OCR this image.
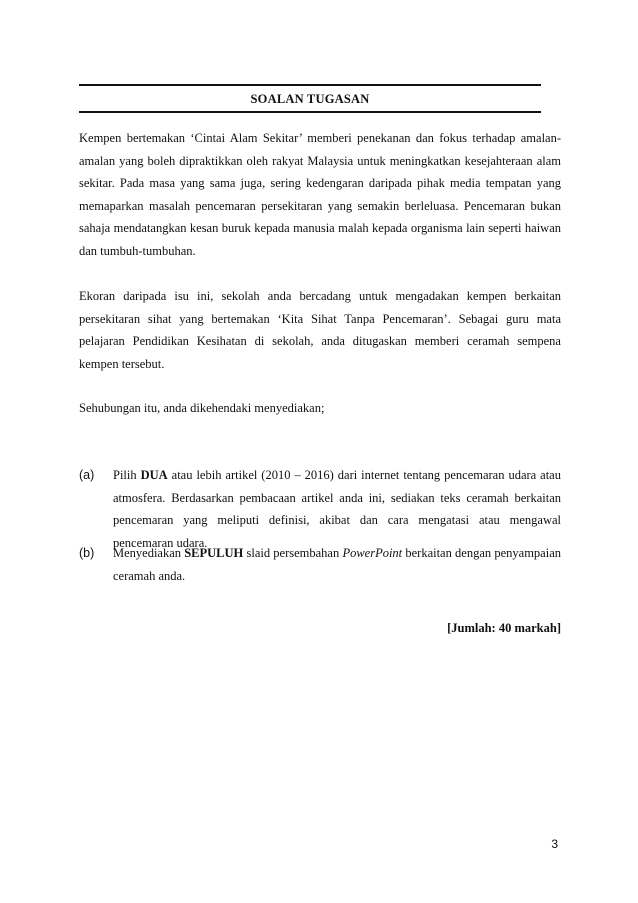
SOALAN TUGASAN

Kempen bertemakan ‘Cintai Alam Sekitar’ memberi penekanan dan fokus terhadap amalan-amalan yang boleh dipraktikkan oleh rakyat Malaysia untuk meningkatkan kesejahteraan alam sekitar. Pada masa yang sama juga, sering kedengaran daripada pihak media tempatan yang memaparkan masalah pencemaran persekitaran yang semakin berleluasa. Pencemaran bukan sahaja mendatangkan kesan buruk kepada manusia malah kepada organisma lain seperti haiwan dan tumbuh-tumbuhan.

Ekoran daripada isu ini, sekolah anda bercadang untuk mengadakan kempen berkaitan persekitaran sihat yang bertemakan ‘Kita Sihat Tanpa Pencemaran’. Sebagai guru mata pelajaran Pendidikan Kesihatan di sekolah, anda ditugaskan memberi ceramah sempena kempen tersebut.

Sehubungan itu, anda dikehendaki menyediakan;

(a) Pilih DUA atau lebih artikel (2010 – 2016) dari internet tentang pencemaran udara atau atmosfera. Berdasarkan pembacaan artikel anda ini, sediakan teks ceramah berkaitan pencemaran yang meliputi definisi, akibat dan cara mengatasi atau mengawal pencemaran udara.

(b) Menyediakan SEPULUH slaid persembahan PowerPoint berkaitan dengan penyampaian ceramah anda.

[Jumlah: 40 markah]
3
